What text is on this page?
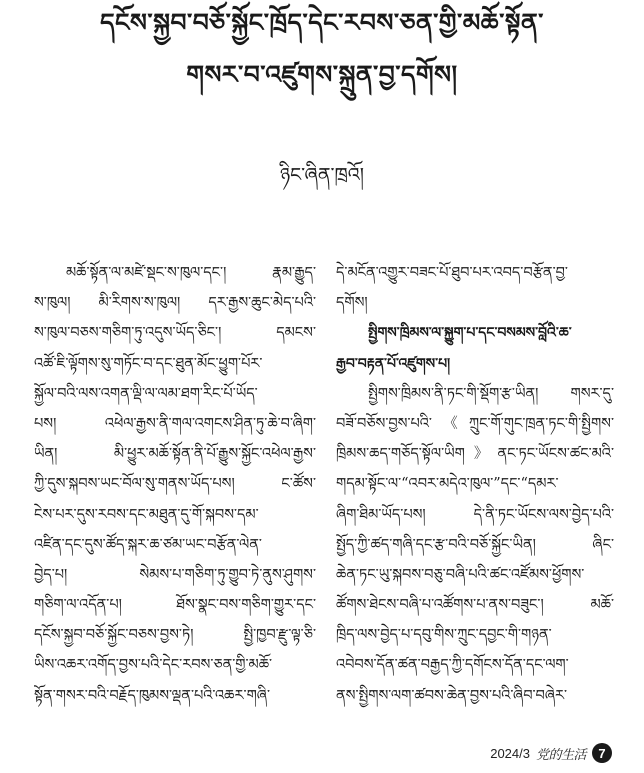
དངོས་སྐྱབ་བཅོ་སྐྱོང་ཁྲོད་དེང་རབས་ཅན་གྱི་མཆོ་སྟོན་
གསར་བ་འཛུགས་སྐྲུན་བྱ་དགོས།
ཉིང་ཞིན་ཁྲའོ།
མཆོ་སྟོན་ལ་མཛེ་སྡང་ས་ཁུལ་དང་། རྣམ་རྒྱུད་
ས་ཁུལ། མི་རིགས་ས་ཁུལ། དར་རྒྱས་ཆུང་མེད་པའི་
ས་ཁུལ་བཅས་གཅིག་ཏུ་འདུས་ཡོད་ཅིང་། དམངས་
འཚོ་ཇི་ལྟོགས་སུ་གཏོང་བ་དང་ཐུན་མོང་ཕྱུག་པོར་
སྐྱོལ་བའི་ལས་འགན་ལྡི་ལ་ལམ་ཐག་རིང་པོ་ཡོད་
པས། འཕེལ་རྒྱས་ནི་གལ་འགངས་ཤིན་ཏུ་ཆེ་བ་ཞིག་
ཡིན། མི་ཕྱུར་མཆོ་སྟོན་ནི་པོ་རྒྱུས་སྐྱོང་འཕེལ་རྒྱས་
ཀྱི་དུས་སྐབས་ཡང་བོལ་སུ་གནས་ཡོད་པས། ང་ཚོས་
ངེས་པར་དུས་རབས་དང་མཐུན་དུ་གོ་སྐབས་དམ་
འཛིན་དང་དུས་ཚོད་སྐར་ཆ་ཙམ་ཡང་བརྩོན་ལེན་
བྱེད་པ། སེམས་པ་གཅིག་ཏུ་གྱུབ་ཏེ་ནུས་ཤུགས་
གཅིག་ལ་འདོན་པ། ཐོས་སྣང་བས་གཅིག་གྱུར་དང་
དངོས་སྐྱབ་བཅོ་སྐྱོང་བཅས་བྱས་ཏེ། སྤྱི་ཁྱབ་རྫུ་ལྟ་ཅི་
ཡིས་འཆར་འགོད་བྱས་པའི་དེང་རབས་ཅན་གྱི་མཆོ་
སྟོན་གསར་བའི་བརྗོད་ཁུམས་ལྡན་པའི་འཆར་གཞི་
དེ་མངོན་འགྱུར་བཟང་པོ་ཐུབ་པར་འབད་བརྩོན་བྱ་
དགོས།
སྤྱིགས་ཁྲིམས་ལ་སྐྱུག་པ་དང་བསམས་བློའི་ཆ་
རྒྱབ་བརྟན་པོ་འཛུགས་པ།
སྤྱིགས་ཁྲིམས་ནི་ཏང་གི་སྡོག་རྩ་ཡིན། གསར་དུ་
བཟོ་བཅོས་བྱས་པའི་《ཀྲུང་གོ་གུང་ཁྲན་ཏང་གི་སྤྱིགས་
ཁྲིམས་ཆད་གཅོད་སྟོལ་ཡིག》ནང་ཏང་ཡོངས་ཚང་མའི་
གདམ་སྟོང་ལ་“འབར་མདེའ་ཁུལ་”དང་“དམར་
ཞིག་ཐིམ་ཡོད་པས། དེ་ནི་ཏང་ཡོངས་ལས་བྱེད་པའི་
སྤྱོད་ཀྱི་ཚད་གཞི་དང་རྩ་བའི་བཅོ་སྐྱོང་ཡིན། ཞིང་
ཆེན་ཏང་ཡུ་སྐབས་བཅུ་བཞི་པའི་ཚང་འཛོམས་ཕྱོགས་
ཚོགས་ཐེངས་བཞི་པ་འཚོགས་པ་ནས་བཟུང་། མཆོ་
ཁྲིད་ལས་བྱེད་པ་དབུ་གིས་ཀྲུང་དབྱང་གི་གཉན་
འབེབས་དོན་ཚན་བརྒྱད་ཀྱི་དགོངས་དོན་དང་ལག་
ནས་སྤྱིགས་ལག་ཚབས་ཆེན་བྱས་པའི་ཞིབ་བཞེར་
2024/3 党的生活 7
